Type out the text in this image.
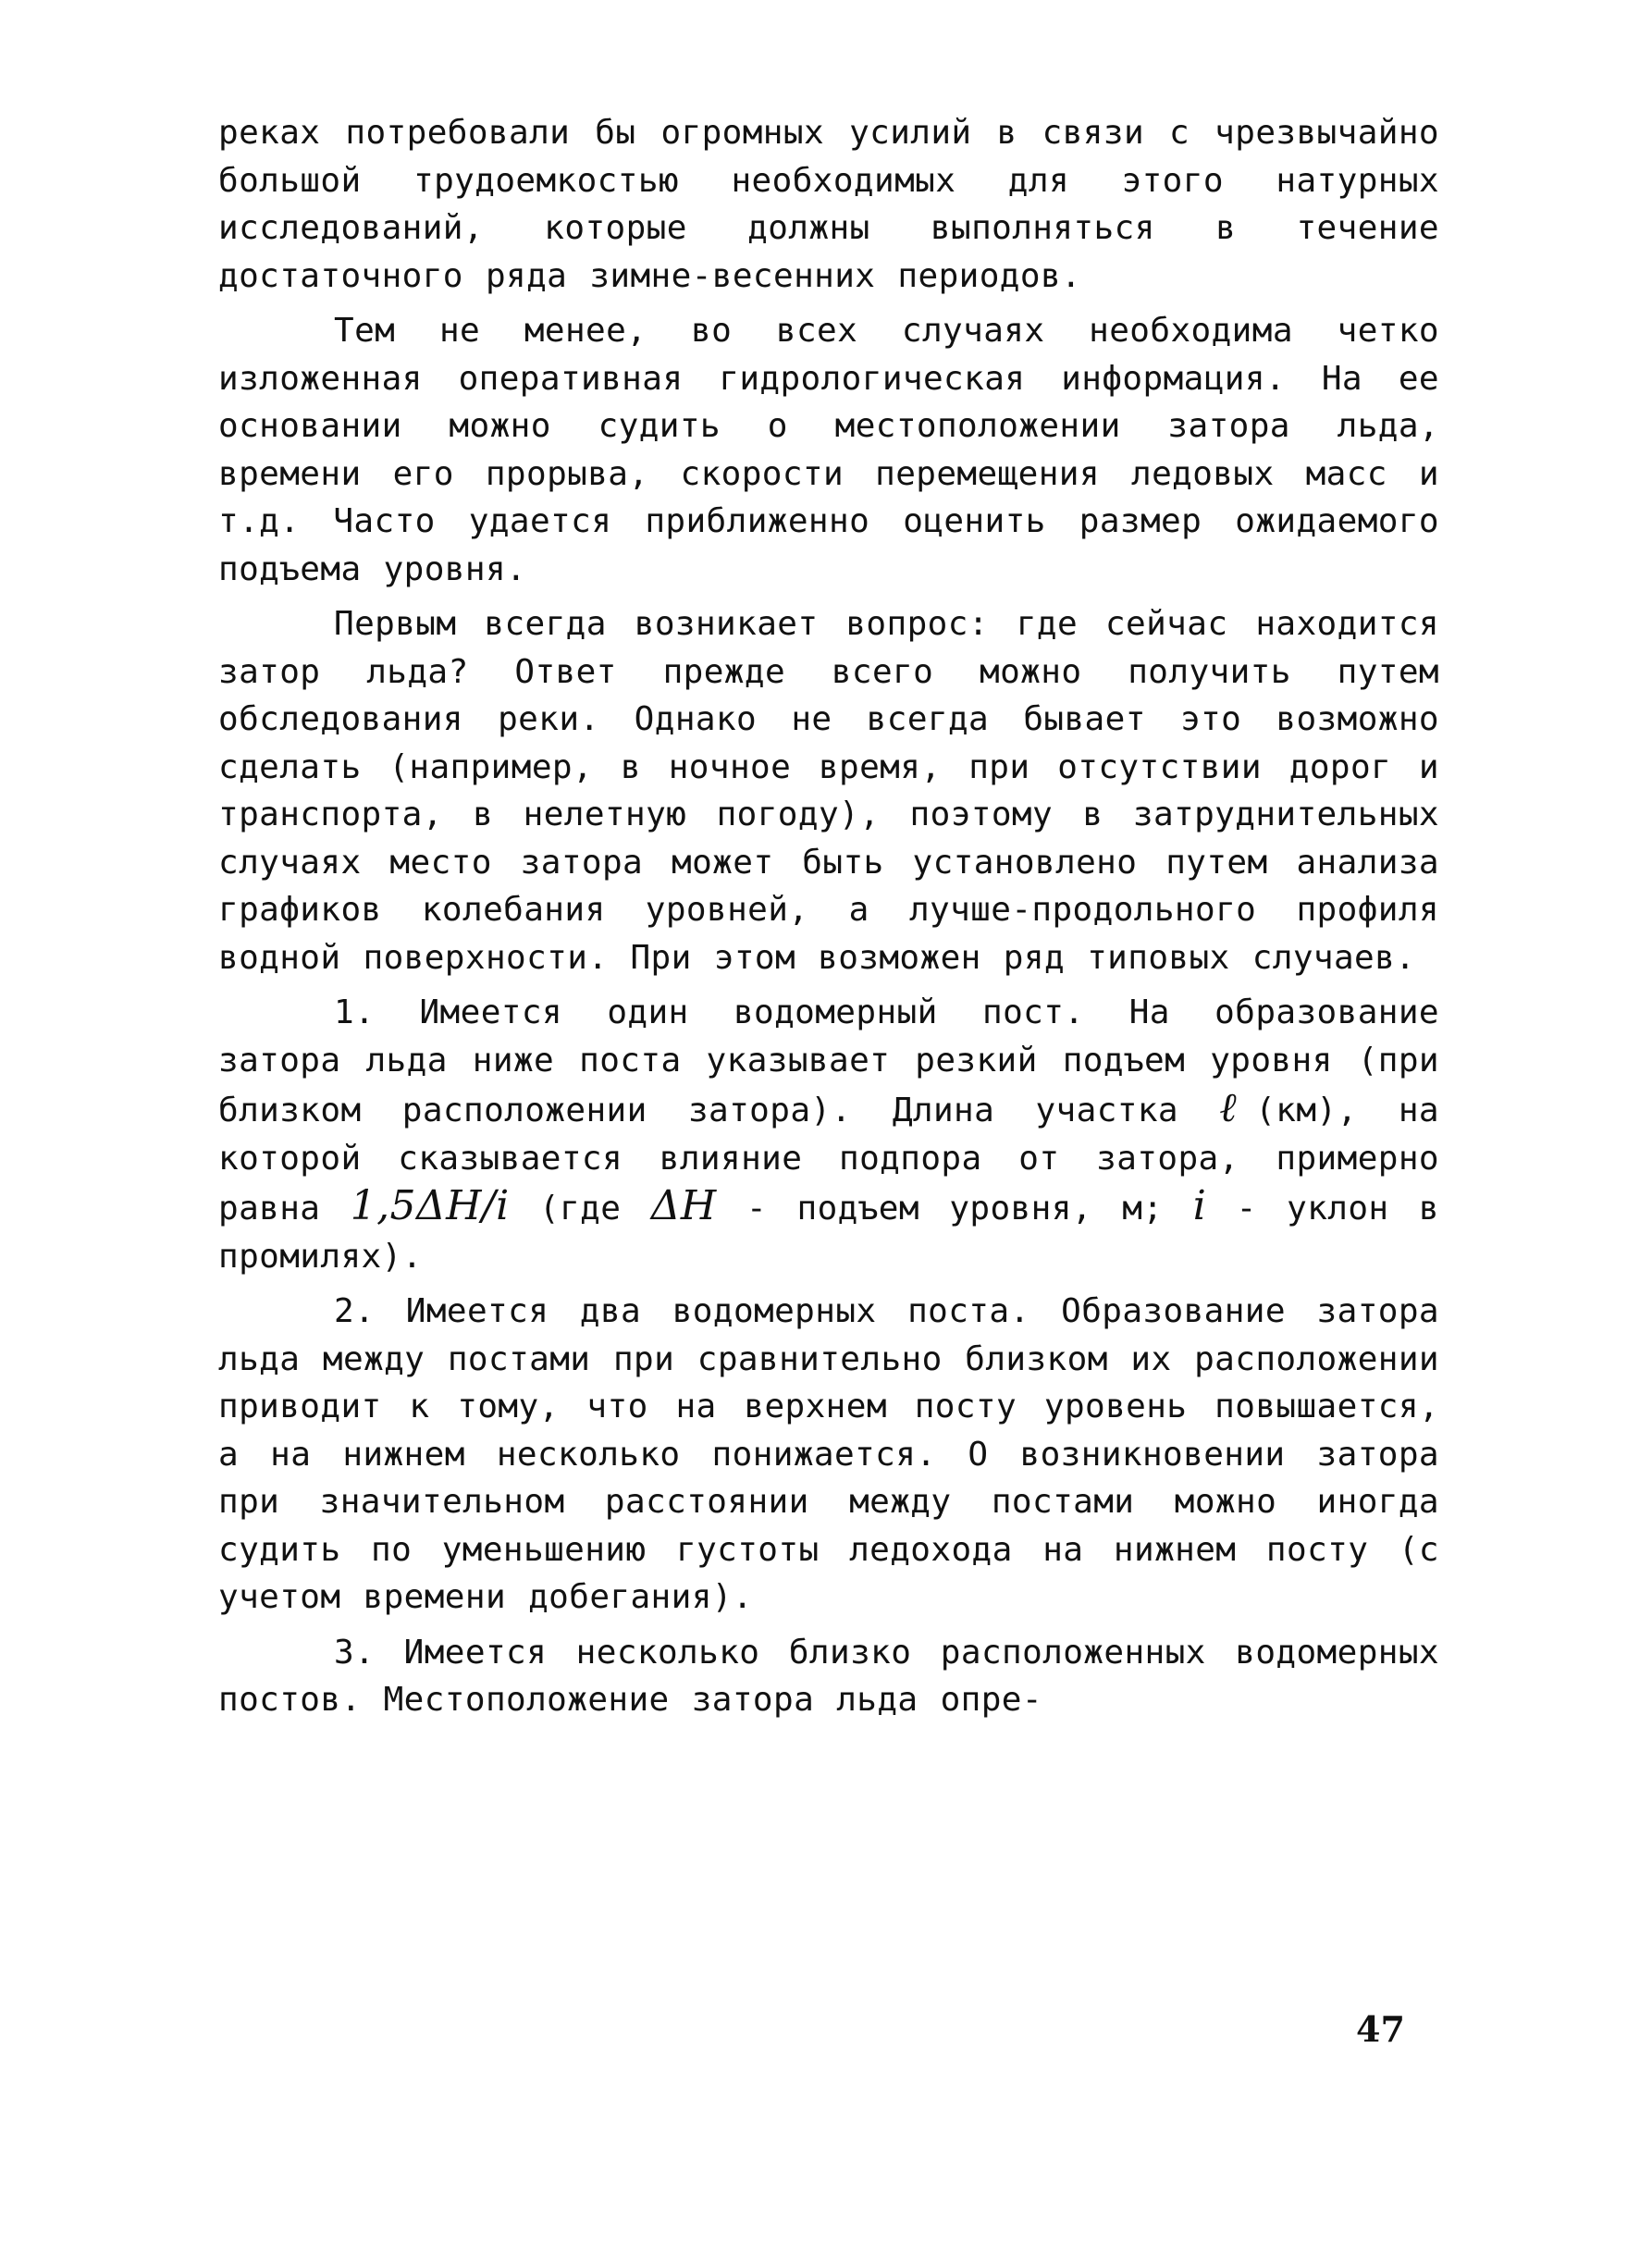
реках потребовали бы огромных усилий в связи с чрезвычайно большой трудоемкостью необходимых для этого натурных исследований, которые должны выполняться в течение достаточного ряда зимне-весенних периодов.

Тем не менее, во всех случаях необходима четко изложенная оперативная гидрологическая информация. На ее основании можно судить о местоположении затора льда, времени его прорыва, скорости перемещения ледовых масс и т.д. Часто удается приближенно оценить размер ожидаемого подъема уровня.

Первым всегда возникает вопрос: где сейчас находится затор льда? Ответ прежде всего можно получить путем обследования реки. Однако не всегда бывает это возможно сделать (например, в ночное время, при отсутствии дорог и транспорта, в нелетную погоду), поэтому в затруднительных случаях место затора может быть установлено путем анализа графиков колебания уровней, а лучше-продольного профиля водной поверхности. При этом возможен ряд типовых случаев.

1. Имеется один водомерный пост. На образование затора льда ниже поста указывает резкий подъем уровня (при близком расположении затора). Длина участка ℓ(км), на которой сказывается влияние подпора от затора, примерно равна 1,5ΔH/i (где ΔH - подъем уровня, м; i - уклон в промилях).

2. Имеется два водомерных поста. Образование затора льда между постами при сравнительно близком их расположении приводит к тому, что на верхнем посту уровень повышается, а на нижнем несколько понижается. О возникновении затора при значительном расстоянии между постами можно иногда судить по уменьшению густоты ледохода на нижнем посту (с учетом времени добегания).

3. Имеется несколько близко расположенных водомерных постов. Местоположение затора льда опре-

47
